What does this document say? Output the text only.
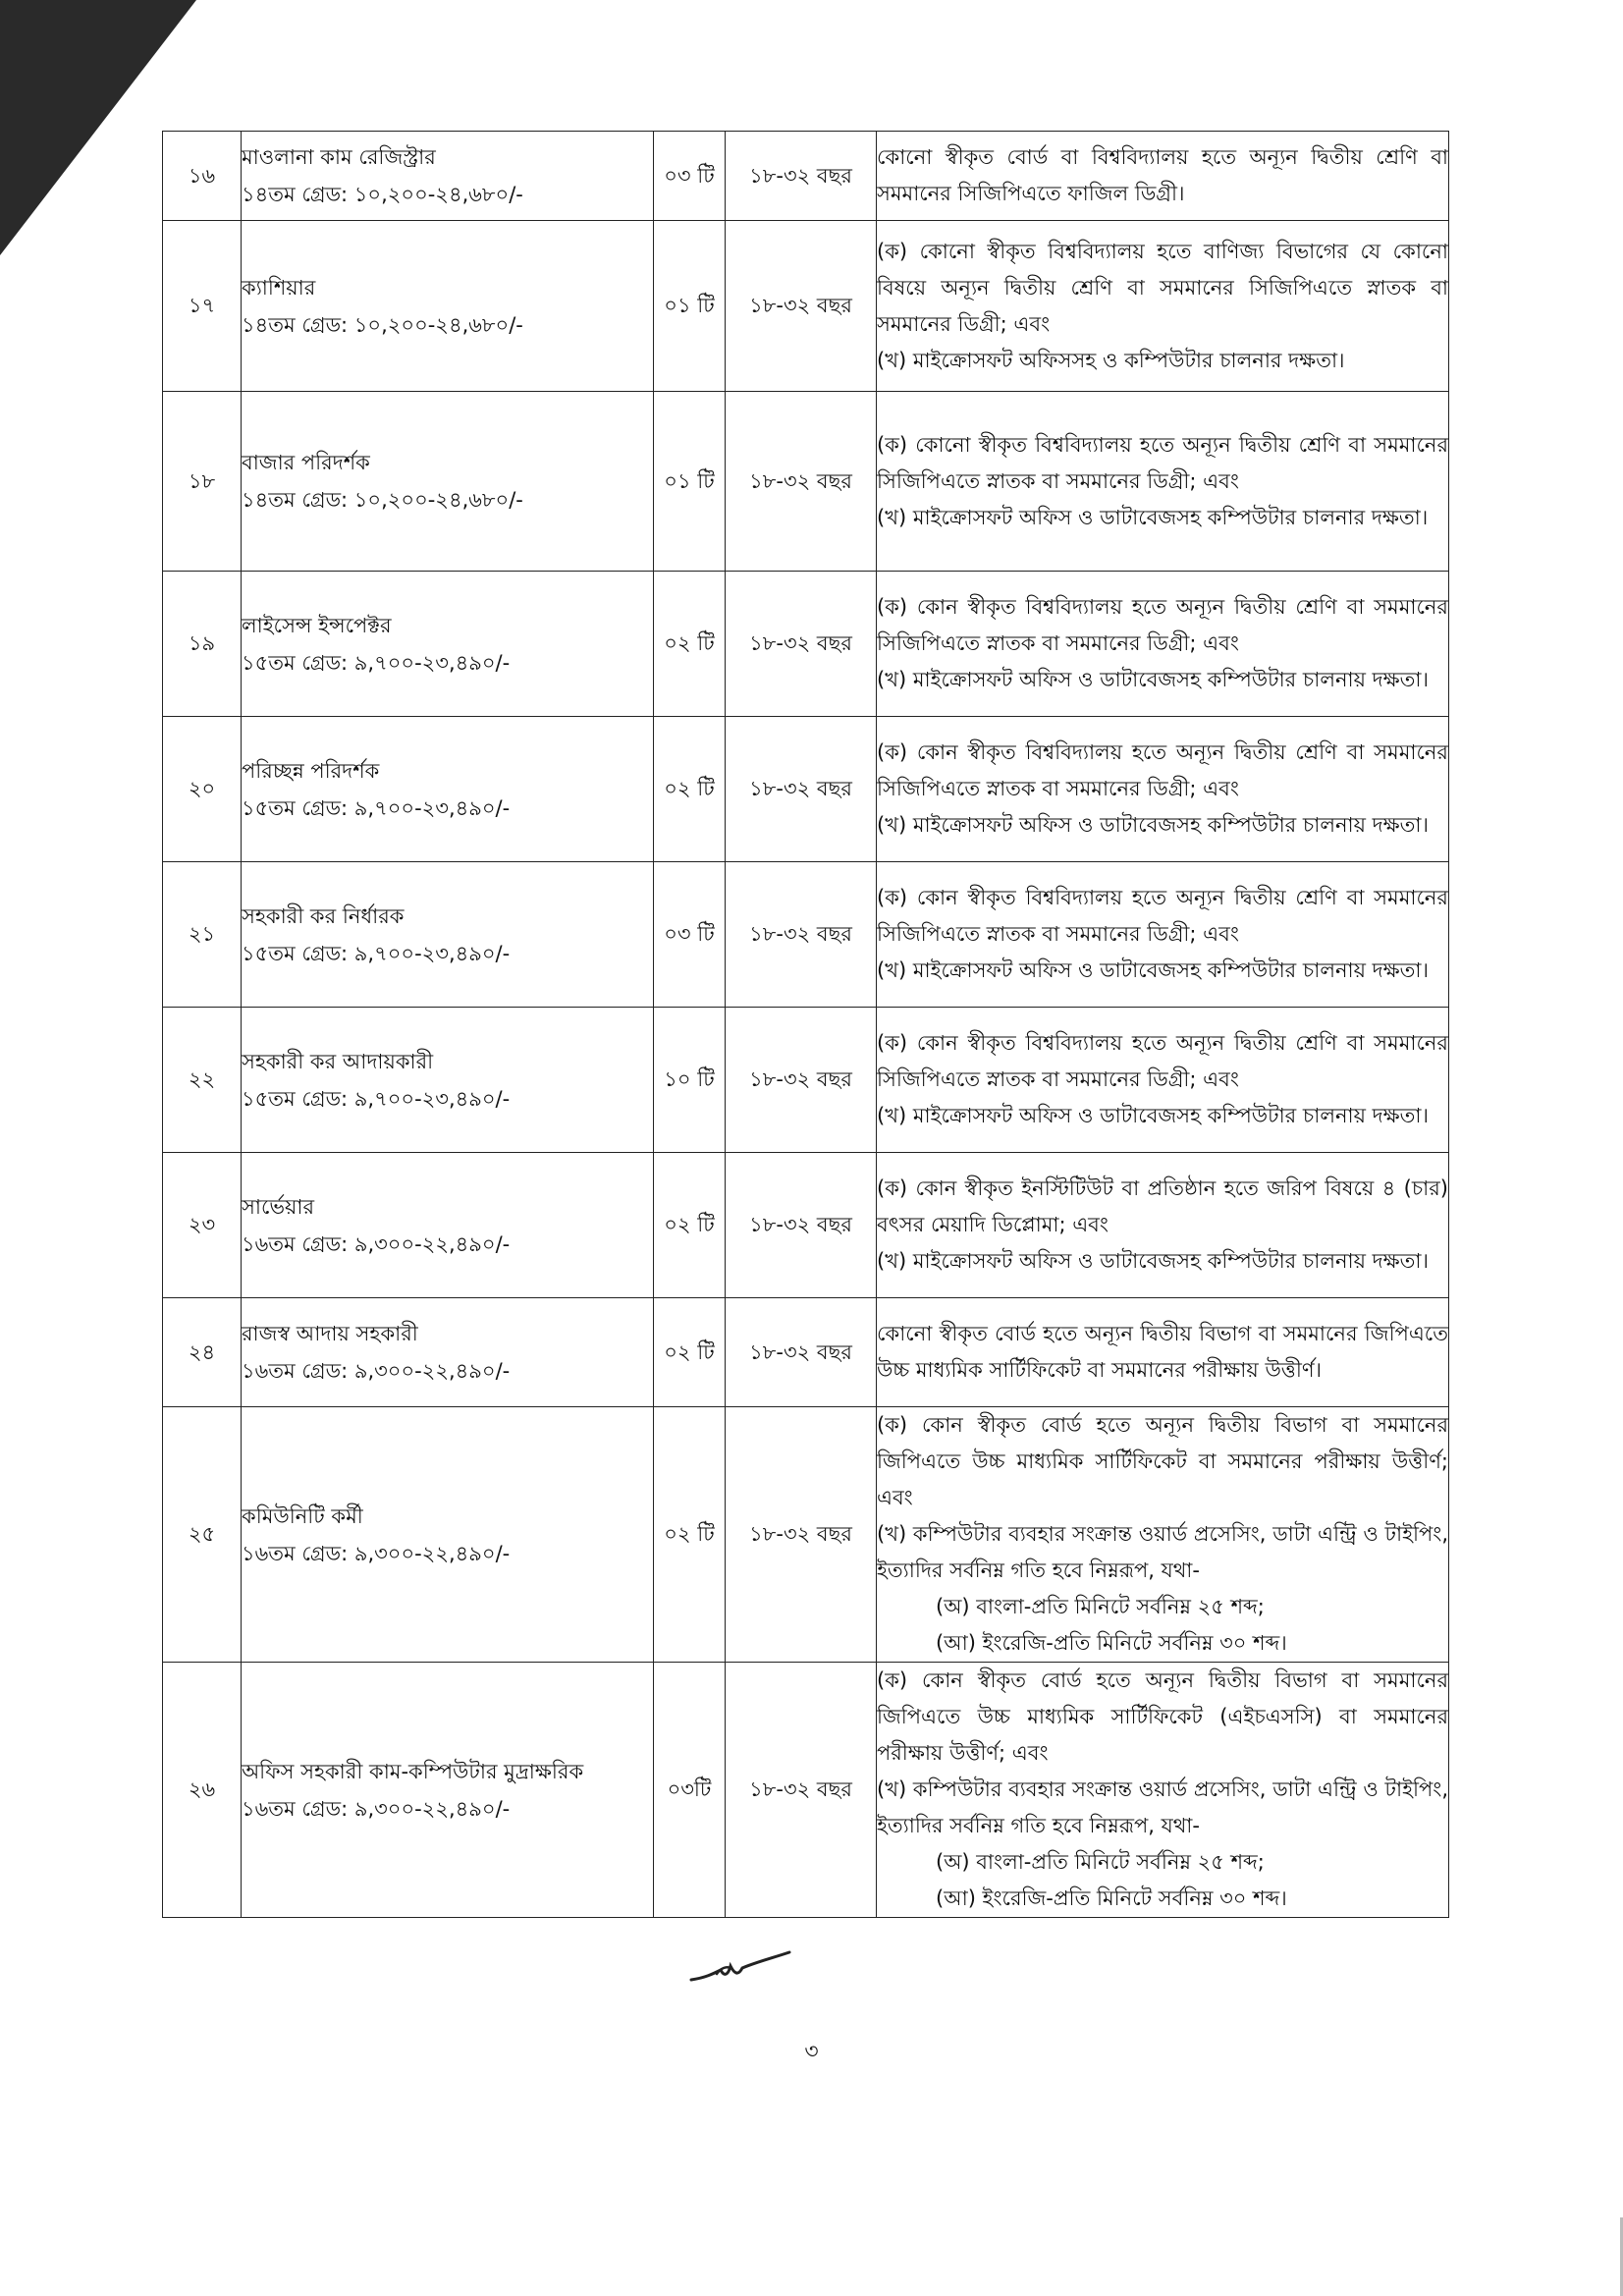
১৬	মাওলানা কাম রেজিস্ট্রার
১৪তম গ্রেড: ১০,২০০-২৪,৬৮০/-	০৩ টি	১৮-৩২ বছর	কোনো স্বীকৃত বোর্ড বা বিশ্ববিদ্যালয় হতে অন্যূন দ্বিতীয় শ্রেণি বা সমমানের সিজিপিএতে ফাজিল ডিগ্রী।

১৭	ক্যাশিয়ার
১৪তম গ্রেড: ১০,২০০-২৪,৬৮০/-	০১ টি	১৮-৩২ বছর	(ক) কোনো স্বীকৃত বিশ্ববিদ্যালয় হতে বাণিজ্য বিভাগের যে কোনো বিষয়ে অন্যূন দ্বিতীয় শ্রেণি বা সমমানের সিজিপিএতে স্নাতক বা সমমানের ডিগ্রী; এবং
(খ) মাইক্রোসফট অফিসসহ ও কম্পিউটার চালনার দক্ষতা।

১৮	বাজার পরিদর্শক
১৪তম গ্রেড: ১০,২০০-২৪,৬৮০/-	০১ টি	১৮-৩২ বছর	(ক) কোনো স্বীকৃত বিশ্ববিদ্যালয় হতে অন্যূন দ্বিতীয় শ্রেণি বা সমমানের সিজিপিএতে স্নাতক বা সমমানের ডিগ্রী; এবং
(খ) মাইক্রোসফট অফিস ও ডাটাবেজসহ কম্পিউটার চালনার দক্ষতা।

১৯	লাইসেন্স ইন্সপেক্টর
১৫তম গ্রেড: ৯,৭০০-২৩,৪৯০/-	০২ টি	১৮-৩২ বছর	(ক) কোন স্বীকৃত বিশ্ববিদ্যালয় হতে অন্যূন দ্বিতীয় শ্রেণি বা সমমানের সিজিপিএতে স্নাতক বা সমমানের ডিগ্রী; এবং
(খ) মাইক্রোসফট অফিস ও ডাটাবেজসহ কম্পিউটার চালনায় দক্ষতা।

২০	পরিচ্ছন্ন পরিদর্শক
১৫তম গ্রেড: ৯,৭০০-২৩,৪৯০/-	০২ টি	১৮-৩২ বছর	(ক) কোন স্বীকৃত বিশ্ববিদ্যালয় হতে অন্যূন দ্বিতীয় শ্রেণি বা সমমানের সিজিপিএতে স্নাতক বা সমমানের ডিগ্রী; এবং
(খ) মাইক্রোসফট অফিস ও ডাটাবেজসহ কম্পিউটার চালনায় দক্ষতা।

২১	সহকারী কর নির্ধারক
১৫তম গ্রেড: ৯,৭০০-২৩,৪৯০/-	০৩ টি	১৮-৩২ বছর	(ক) কোন স্বীকৃত বিশ্ববিদ্যালয় হতে অন্যূন দ্বিতীয় শ্রেণি বা সমমানের সিজিপিএতে স্নাতক বা সমমানের ডিগ্রী; এবং
(খ) মাইক্রোসফট অফিস ও ডাটাবেজসহ কম্পিউটার চালনায় দক্ষতা।

২২	সহকারী কর আদায়কারী
১৫তম গ্রেড: ৯,৭০০-২৩,৪৯০/-	১০ টি	১৮-৩২ বছর	(ক) কোন স্বীকৃত বিশ্ববিদ্যালয় হতে অন্যূন দ্বিতীয় শ্রেণি বা সমমানের সিজিপিএতে স্নাতক বা সমমানের ডিগ্রী; এবং
(খ) মাইক্রোসফট অফিস ও ডাটাবেজসহ কম্পিউটার চালনায় দক্ষতা।

২৩	সার্ভেয়ার
১৬তম গ্রেড: ৯,৩০০-২২,৪৯০/-	০২ টি	১৮-৩২ বছর	(ক) কোন স্বীকৃত ইনস্টিটিউট বা প্রতিষ্ঠান হতে জরিপ বিষয়ে ৪ (চার) বৎসর মেয়াদি ডিপ্লোমা; এবং
(খ) মাইক্রোসফট অফিস ও ডাটাবেজসহ কম্পিউটার চালনায় দক্ষতা।

২৪	রাজস্ব আদায় সহকারী
১৬তম গ্রেড: ৯,৩০০-২২,৪৯০/-	০২ টি	১৮-৩২ বছর	কোনো স্বীকৃত বোর্ড হতে অন্যূন দ্বিতীয় বিভাগ বা সমমানের জিপিএতে উচ্চ মাধ্যমিক সার্টিফিকেট বা সমমানের পরীক্ষায় উত্তীর্ণ।

২৫	কমিউনিটি কর্মী
১৬তম গ্রেড: ৯,৩০০-২২,৪৯০/-	০২ টি	১৮-৩২ বছর	(ক) কোন স্বীকৃত বোর্ড হতে অন্যূন দ্বিতীয় বিভাগ বা সমমানের জিপিএতে উচ্চ মাধ্যমিক সার্টিফিকেট বা সমমানের পরীক্ষায় উত্তীর্ণ; এবং
(খ) কম্পিউটার ব্যবহার সংক্রান্ত ওয়ার্ড প্রসেসিং, ডাটা এন্ট্রি ও টাইপিং, ইত্যাদির সর্বনিম্ন গতি হবে নিম্নরূপ, যথা-
(অ) বাংলা-প্রতি মিনিটে সর্বনিম্ন ২৫ শব্দ;
(আ) ইংরেজি-প্রতি মিনিটে সর্বনিম্ন ৩০ শব্দ।

২৬	অফিস সহকারী কাম-কম্পিউটার মুদ্রাক্ষরিক
১৬তম গ্রেড: ৯,৩০০-২২,৪৯০/-	০৩টি	১৮-৩২ বছর	(ক) কোন স্বীকৃত বোর্ড হতে অন্যূন দ্বিতীয় বিভাগ বা সমমানের জিপিএতে উচ্চ মাধ্যমিক সার্টিফিকেট (এইচএসসি) বা সমমানের পরীক্ষায় উত্তীর্ণ; এবং
(খ) কম্পিউটার ব্যবহার সংক্রান্ত ওয়ার্ড প্রসেসিং, ডাটা এন্ট্রি ও টাইপিং, ইত্যাদির সর্বনিম্ন গতি হবে নিম্নরূপ, যথা-
(অ) বাংলা-প্রতি মিনিটে সর্বনিম্ন ২৫ শব্দ;
(আ) ইংরেজি-প্রতি মিনিটে সর্বনিম্ন ৩০ শব্দ।
৩
